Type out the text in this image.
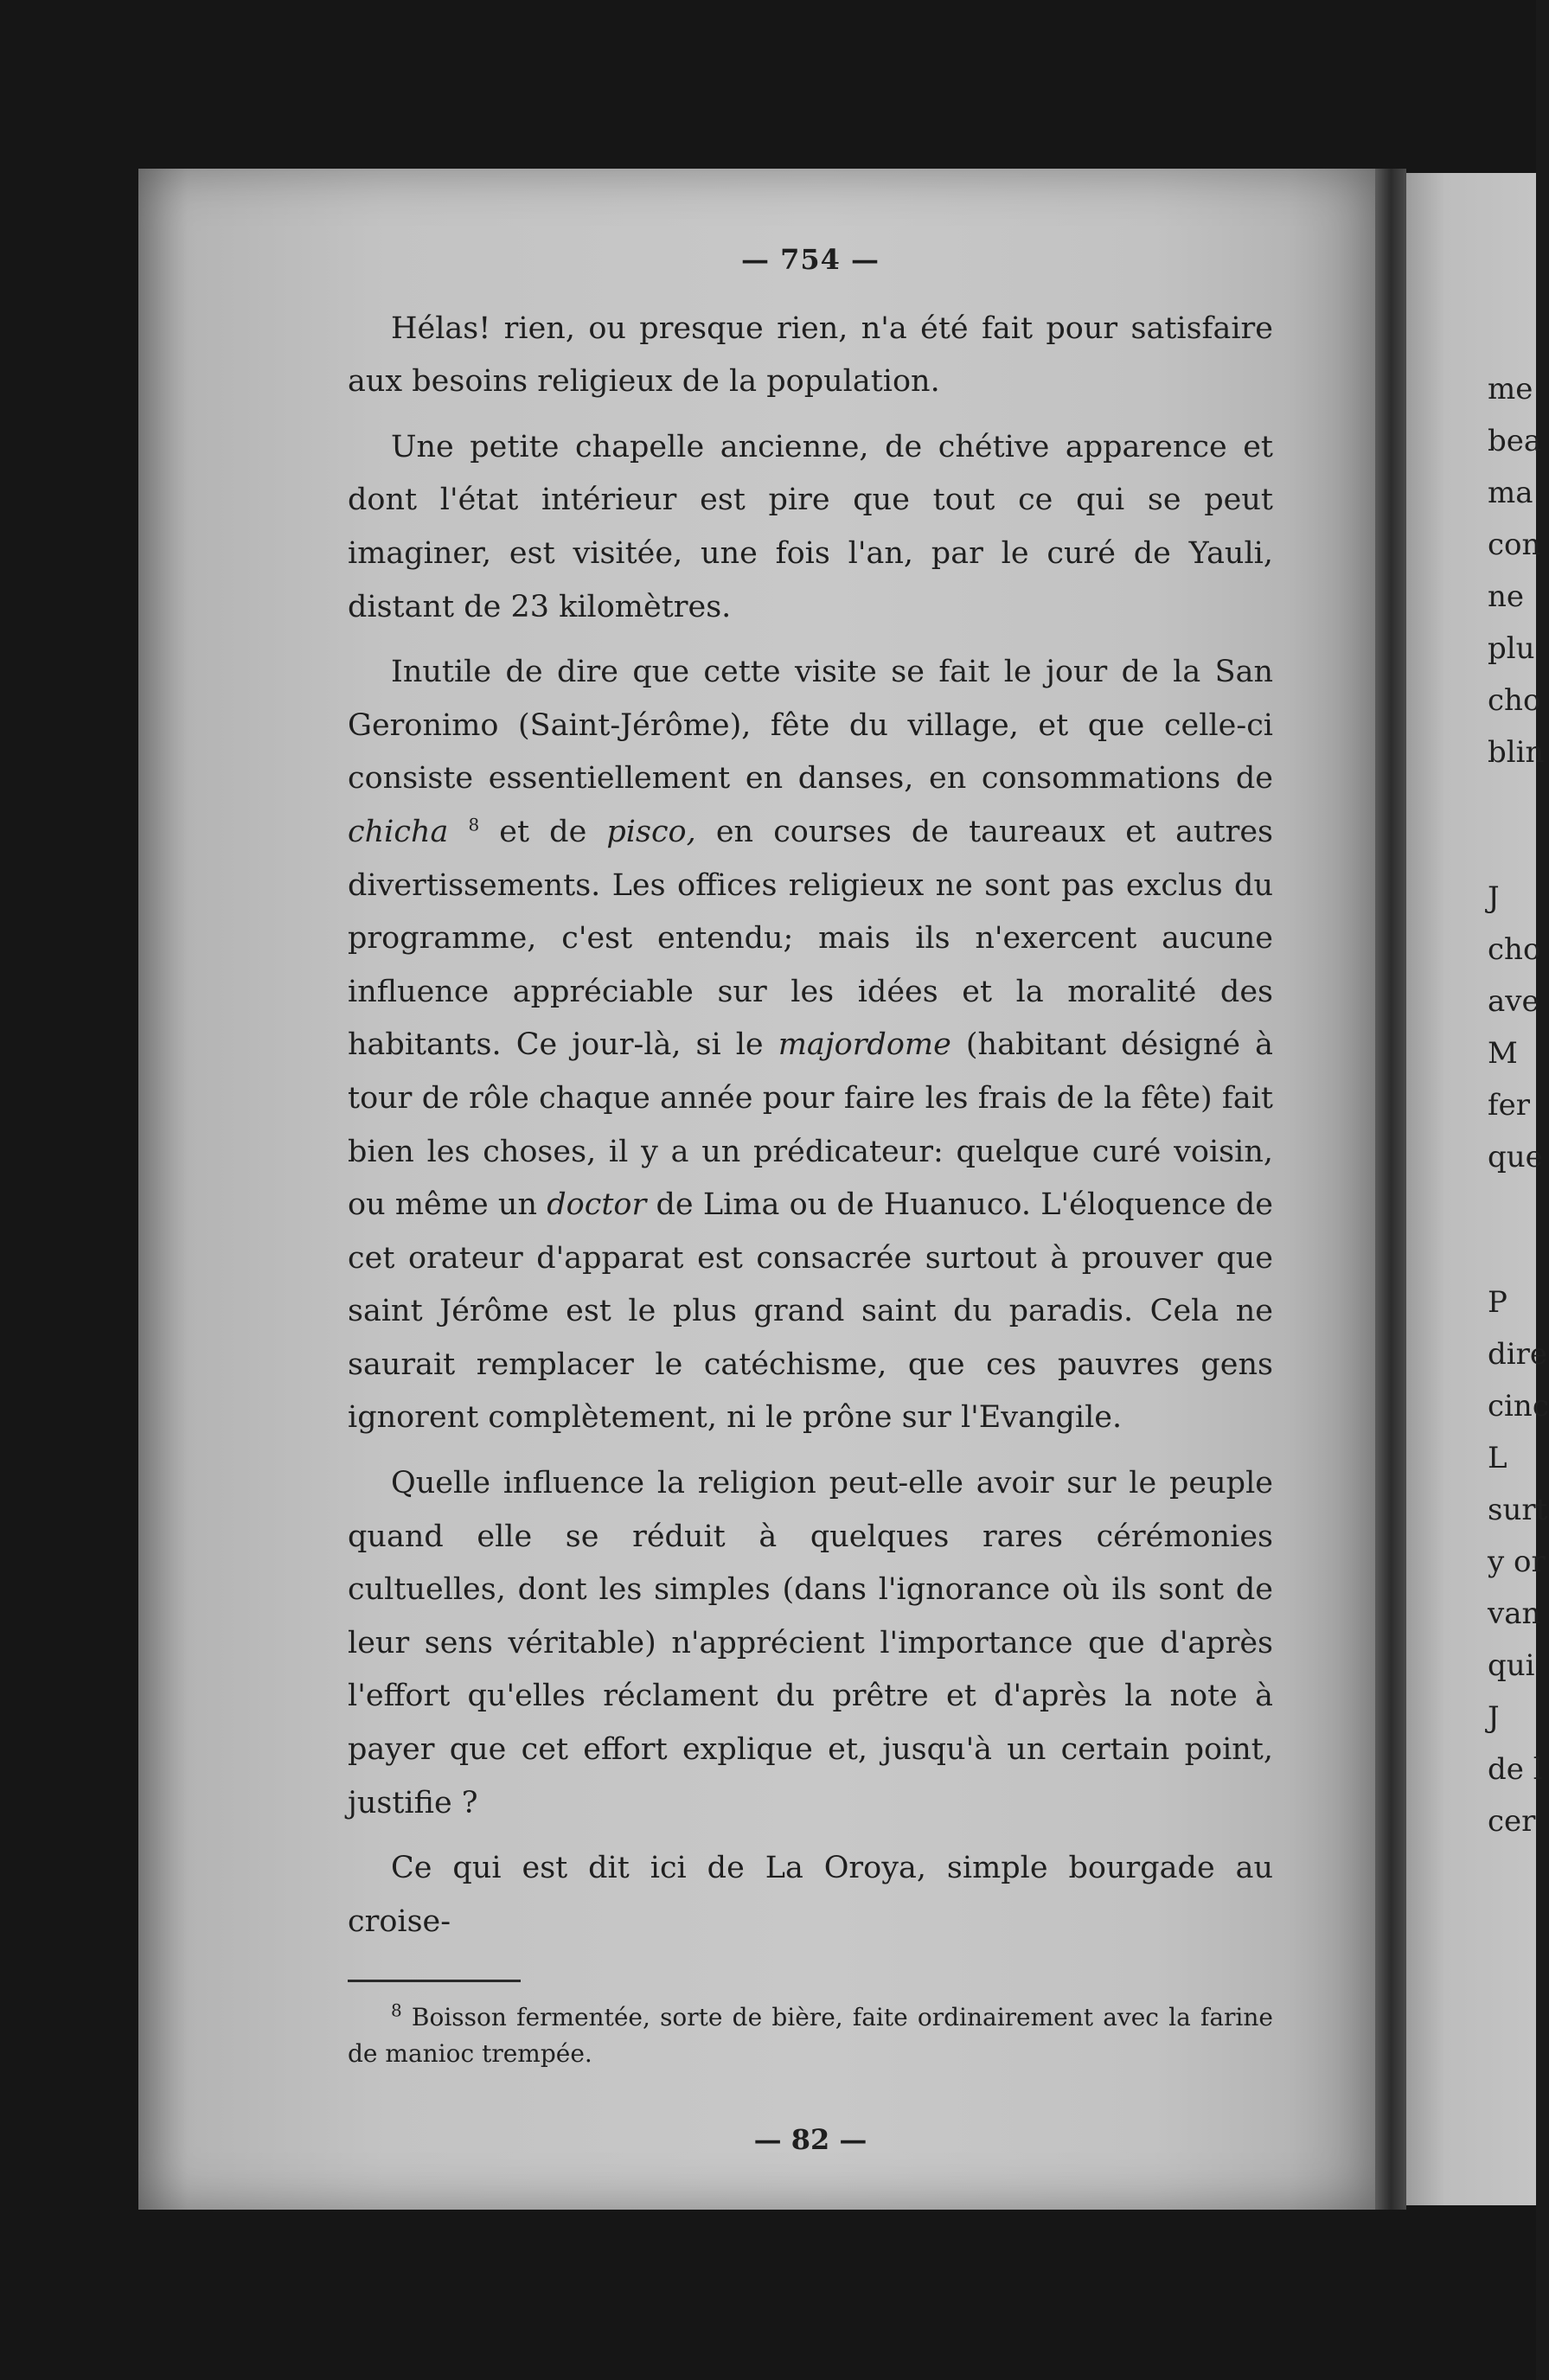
— 754 —

Hélas! rien, ou presque rien, n'a été fait pour satisfaire aux besoins religieux de la population.

Une petite chapelle ancienne, de chétive apparence et dont l'état intérieur est pire que tout ce qui se peut imaginer, est visitée, une fois l'an, par le curé de Yauli, distant de 23 kilomètres.

Inutile de dire que cette visite se fait le jour de la San Geronimo (Saint-Jérôme), fête du village, et que celle-ci consiste essentiellement en danses, en consommations de chicha $^8$ et de pisco, en courses de taureaux et autres divertissements. Les offices religieux ne sont pas exclus du programme, c'est entendu; mais ils n'exercent aucune influence appréciable sur les idées et la moralité des habitants. Ce jour-là, si le majordome (habitant désigné à tour de rôle chaque année pour faire les frais de la fête) fait bien les choses, il y a un prédicateur: quelque curé voisin, ou même un doctor de Lima ou de Huanuco. L'éloquence de cet orateur d'apparat est consacrée surtout à prouver que saint Jérôme est le plus grand saint du paradis. Cela ne saurait remplacer le catéchisme, que ces pauvres gens ignorent complètement, ni le prône sur l'Evangile.

Quelle influence la religion peut-elle avoir sur le peuple quand elle se réduit à quelques rares cérémonies cultuelles, dont les simples (dans l'ignorance où ils sont de leur sens véritable) n'apprécient l'importance que d'après l'effort qu'elles réclament du prêtre et d'après la note à payer que cet effort explique et, jusqu'à un certain point, justifie ?

Ce qui est dit ici de La Oroya, simple bourgade au croise-

$^8$ Boisson fermentée, sorte de bière, faite ordinairement avec la farine de manioc trempée.

— 82 —
me
bea
ma
con
ne
plu
cho
blin
J
cho
ave
M
fer
que
P
dire
cinc
L
surt
y or
van
qui
J
de l
cer
